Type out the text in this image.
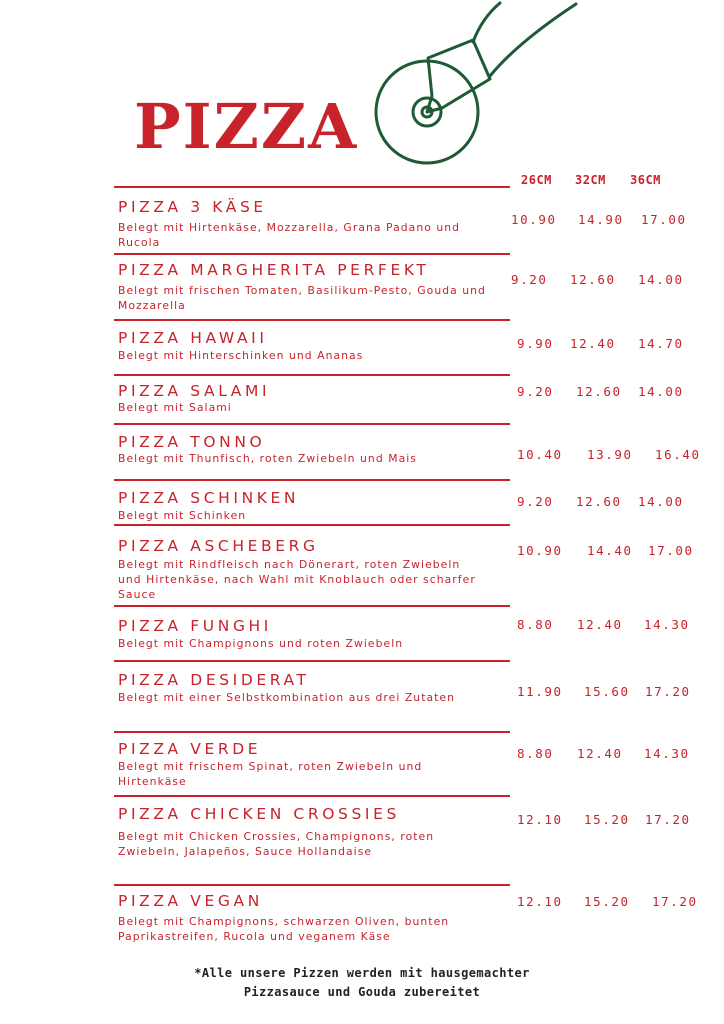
PIZZA
26CM 32CM 36CM
PIZZA 3 KÄSE
Belegt mit Hirtenkäse, Mozzarella, Grana Padano und Rucola
10.90 14.90 17.00
PIZZA MARGHERITA PERFEKT
Belegt mit frischen Tomaten, Basilikum-Pesto, Gouda und Mozzarella
9.20 12.60 14.00
PIZZA HAWAII
Belegt mit Hinterschinken und Ananas
9.90 12.40 14.70
PIZZA SALAMI
Belegt mit Salami
9.20 12.60 14.00
PIZZA TONNO
Belegt mit Thunfisch, roten Zwiebeln und Mais	10.40 13.90 16.40
PIZZA SCHINKEN
Belegt mit Schinken
9.20 12.60 14.00
PIZZA ASCHEBERG
Belegt mit Rindfleisch nach Dönerart, roten Zwiebeln und Hirtenkäse, nach Wahl mit Knoblauch oder scharfer Sauce
10.90 14.40 17.00
PIZZA FUNGHI
Belegt mit Champignons und roten Zwiebeln
8.80 12.40 14.30
PIZZA DESIDERAT
Belegt mit einer Selbstkombination aus drei Zutaten	11.90 15.60 17.20
PIZZA VERDE
Belegt mit frischem Spinat, roten Zwiebeln und Hirtenkäse
8.80 12.40 14.30
PIZZA CHICKEN CROSSIES
Belegt mit Chicken Crossies, Champignons, roten Zwiebeln, Jalapeños, Sauce Hollandaise
12.10 15.20 17.20
PIZZA VEGAN
Belegt mit Champignons, schwarzen Oliven, bunten Paprikastreifen, Rucola und veganem Käse
12.10 15.20 17.20
*Alle unsere Pizzen werden mit hausgemachter
Pizzasauce und Gouda zubereitet
